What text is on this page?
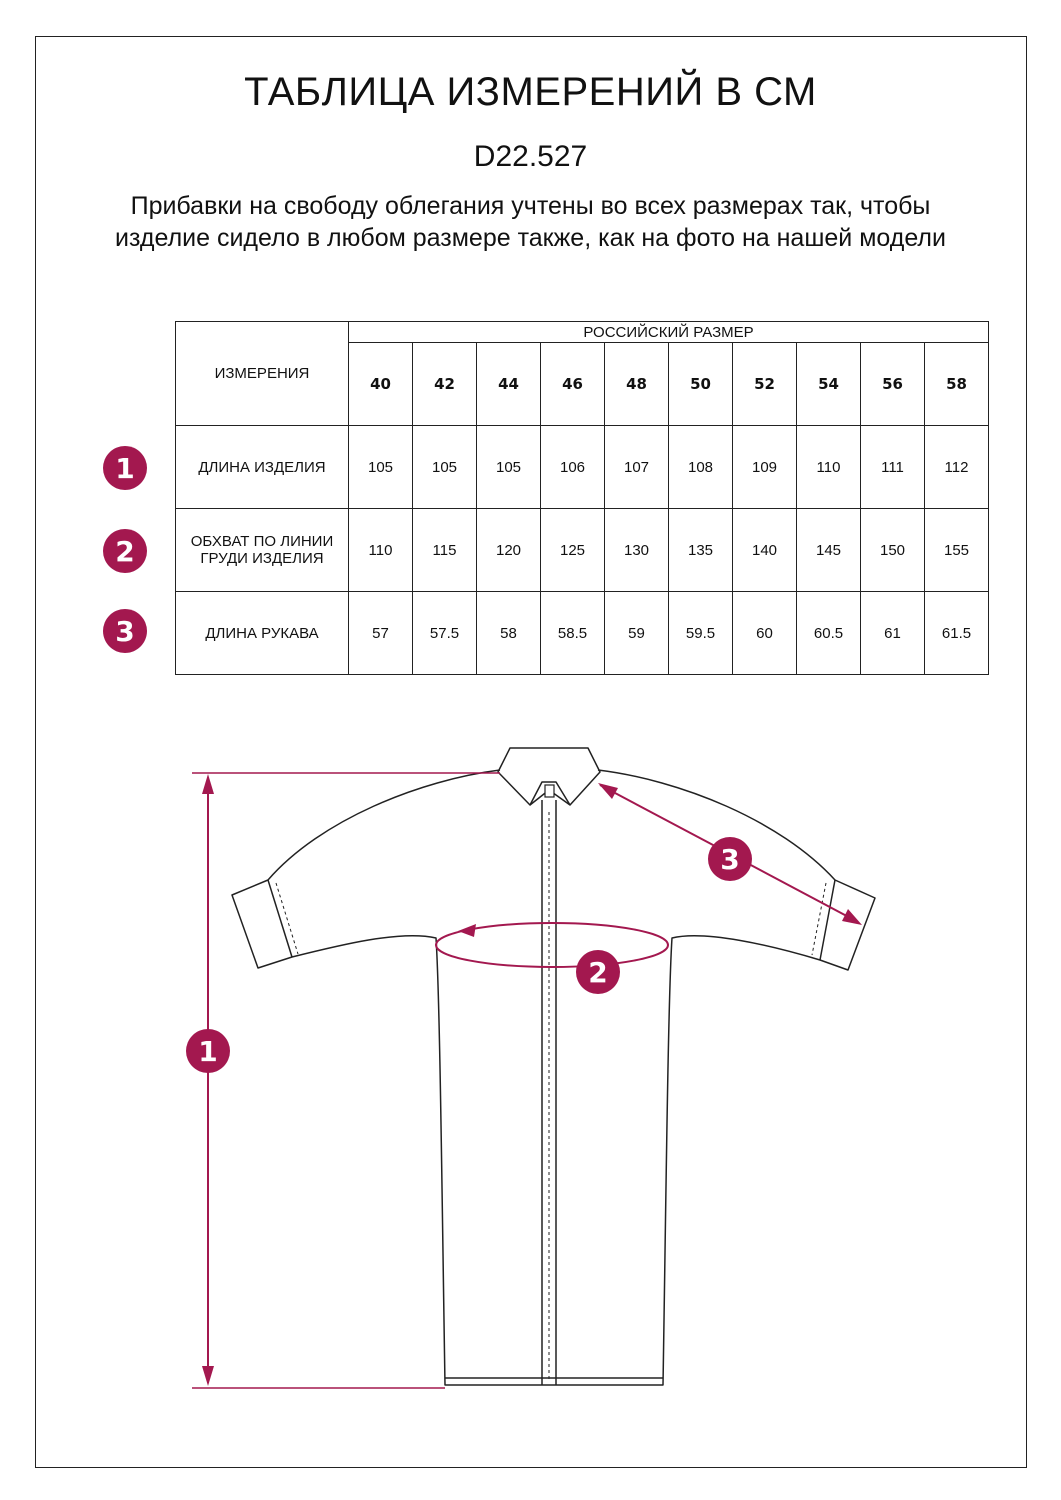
ТАБЛИЦА ИЗМЕРЕНИЙ В СМ
D22.527
Прибавки на свободу облегания учтены во всех размерах так, чтобы изделие сидело в любом размере также, как на фото на нашей модели
ИЗМЕРЕНИЯ	РОССИЙСКИЙ РАЗМЕР									
	40	42	44	46	48	50	52	54	56	58
ДЛИНА ИЗДЕЛИЯ	105	105	105	106	107	108	109	110	111	112
ОБХВАТ ПО ЛИНИИ ГРУДИ ИЗДЕЛИЯ	110	115	120	125	130	135	140	145	150	155
ДЛИНА РУКАВА	57	57.5	58	58.5	59	59.5	60	60.5	61	61.5
1
2
3
1
2
3
